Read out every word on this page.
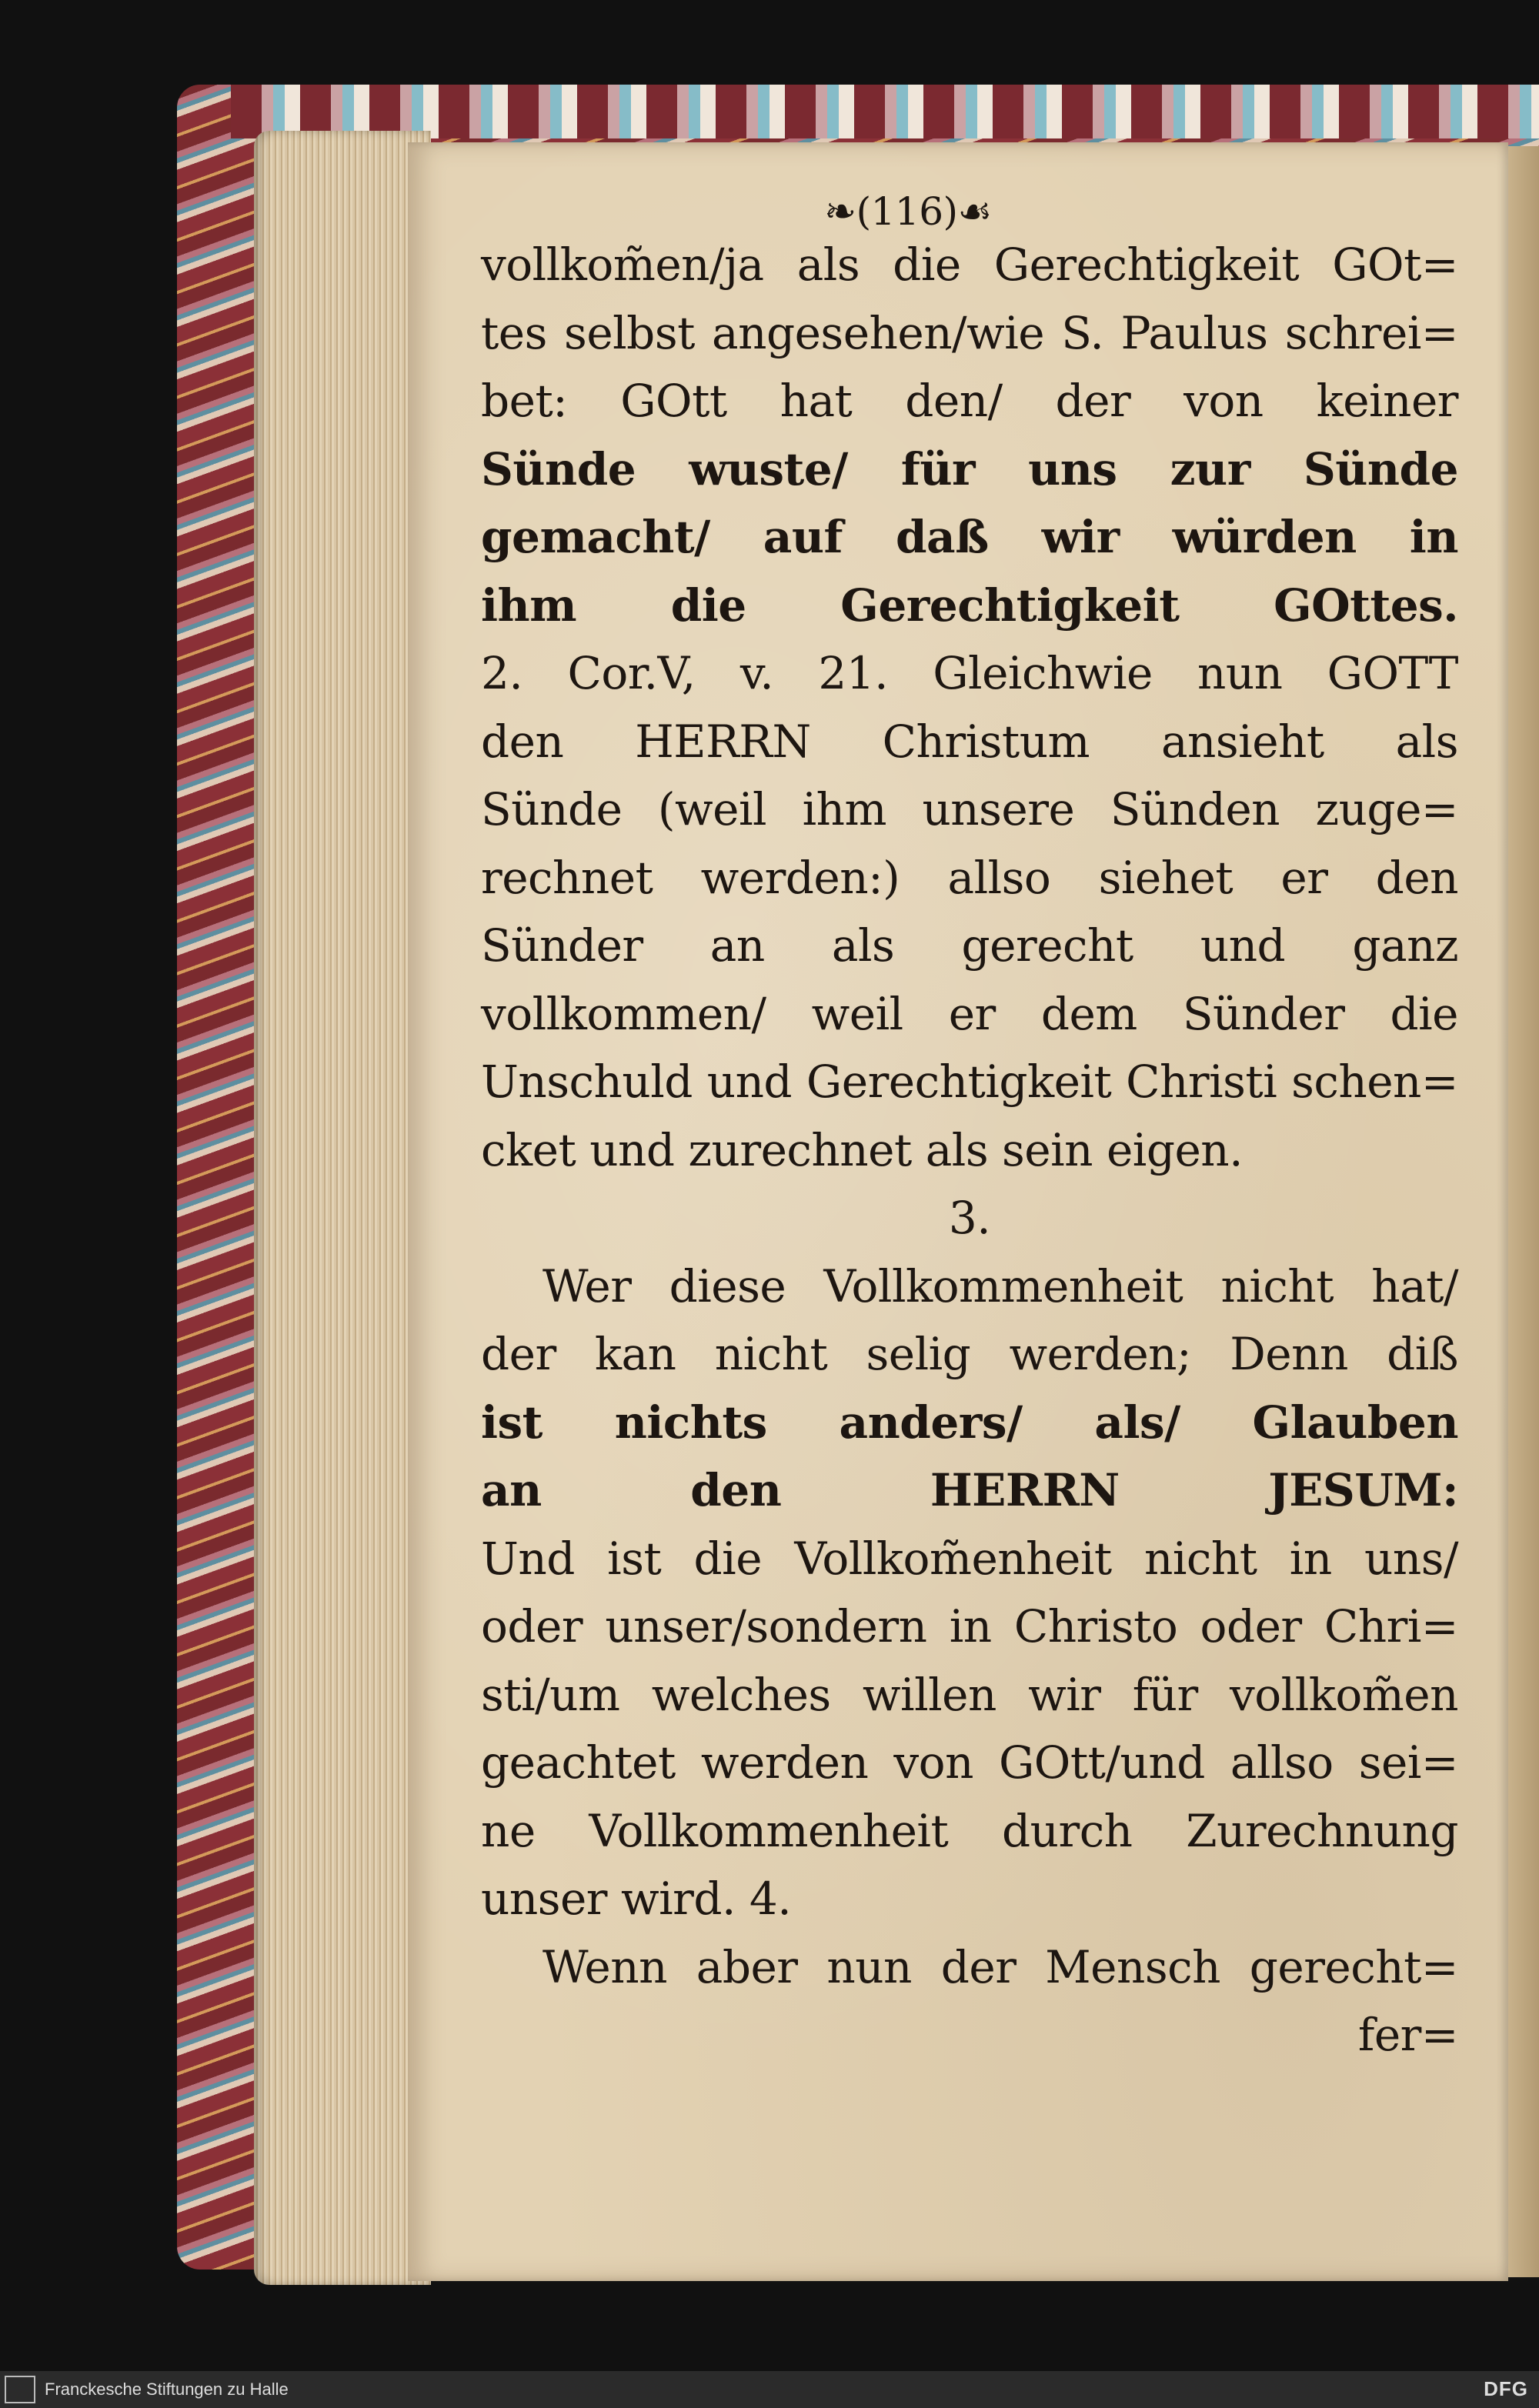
❧(116)☙
vollkom̃en/ja als die Gerechtigkeit GOt=
tes selbst angesehen/wie S. Paulus schrei=
bet: GOtt hat den/ der von keiner
Sünde wuste/ für uns zur Sünde
gemacht/ auf daß wir würden in
ihm die Gerechtigkeit GOttes.
2. Cor.V, v. 21. Gleichwie nun GOTT
den HERRN Christum ansieht als
Sünde (weil ihm unsere Sünden zuge=
rechnet werden:) allso siehet er den
Sünder an als gerecht und ganz
vollkommen/ weil er dem Sünder die
Unschuld und Gerechtigkeit Christi schen=
cket und zurechnet als sein eigen.
3.
Wer diese Vollkommenheit nicht hat/
der kan nicht selig werden; Denn diß
ist nichts anders/ als/ Glauben
an den HERRN JESUM:
Und ist die Vollkom̃enheit nicht in uns/
oder unser/sondern in Christo oder Chri=
sti/um welches willen wir für vollkom̃en
geachtet werden von GOtt/und allso sei=
ne Vollkommenheit durch Zurechnung
unser wird. 4.
Wenn aber nun der Mensch gerecht=
fer=
Franckesche Stiftungen zu Halle	DFG
